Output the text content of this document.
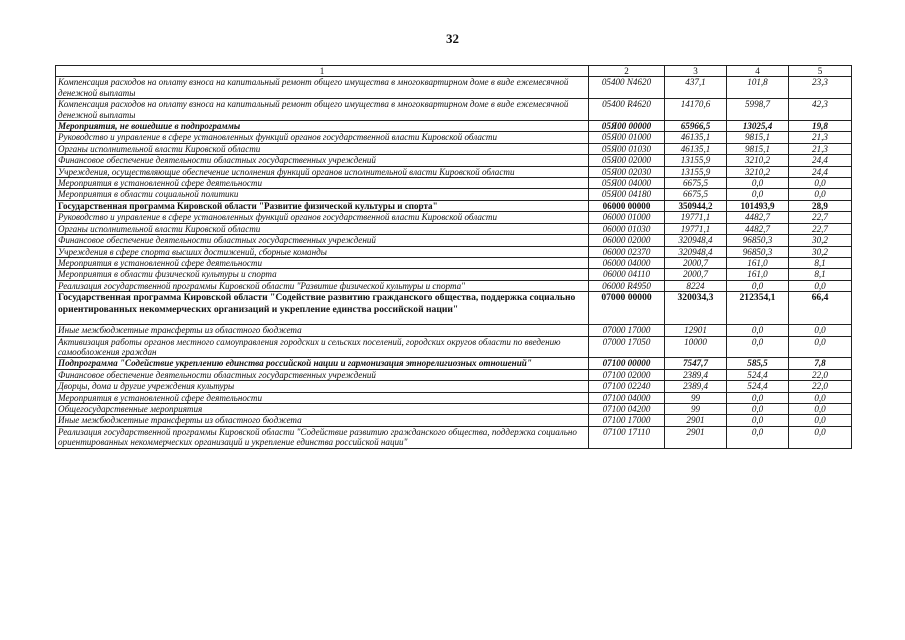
32
1	2	3	4	5
Компенсация расходов на оплату взноса на капитальный ремонт общего имущества в многоквартирном доме в виде ежемесячной денежной выплаты	05400 N4620	437,1	101,8	23,3
Компенсация расходов на оплату взноса на капитальный ремонт общего имущества в многоквартирном доме в виде ежемесячной денежной выплаты	05400 R4620	14170,6	5998,7	42,3
Мероприятия, не вошедшие в подпрограммы	05Я00 00000	65966,5	13025,4	19,8
Руководство и управление в сфере установленных функций органов государственной власти Кировской области	05Я00 01000	46135,1	9815,1	21,3
Органы исполнительной власти Кировской области	05Я00 01030	46135,1	9815,1	21,3
Финансовое обеспечение деятельности областных государственных учреждений	05Я00 02000	13155,9	3210,2	24,4
Учреждения, осуществляющие обеспечение исполнения функций органов исполнительной власти Кировской области	05Я00 02030	13155,9	3210,2	24,4
Мероприятия в установленной сфере деятельности	05Я00 04000	6675,5	0,0	0,0
Мероприятия в области социальной политики	05Я00 04180	6675,5	0,0	0,0
Государственная программа Кировской области "Развитие физической культуры и спорта"	06000 00000	350944,2	101493,9	28,9
Руководство и управление в сфере установленных функций органов государственной власти Кировской области	06000 01000	19771,1	4482,7	22,7
Органы исполнительной власти Кировской области	06000 01030	19771,1	4482,7	22,7
Финансовое обеспечение деятельности областных государственных учреждений	06000 02000	320948,4	96850,3	30,2
Учреждения в сфере спорта высших достижений, сборные команды	06000 02370	320948,4	96850,3	30,2
Мероприятия в установленной сфере деятельности	06000 04000	2000,7	161,0	8,1
Мероприятия в области физической культуры и спорта	06000 04110	2000,7	161,0	8,1
Реализация государственной программы Кировской области "Развитие физической культуры и спорта"	06000 R4950	8224	0,0	0,0
Государственная программа Кировской области "Содействие развитию гражданского общества, поддержка социально ориентированных некоммерческих организаций и укрепление единства российской нации"	07000 00000	320034,3	212354,1	66,4
Иные межбюджетные трансферты из областного бюджета	07000 17000	12901	0,0	0,0
Активизация работы органов местного самоуправления городских и сельских поселений, городских округов области по введению самообложения граждан	07000 17050	10000	0,0	0,0
Подпрограмма "Содействие укреплению единства российской нации и гармонизация этнорелигиозных отношений"	07100 00000	7547,7	585,5	7,8
Финансовое обеспечение деятельности областных государственных учреждений	07100 02000	2389,4	524,4	22,0
Дворцы, дома и другие учреждения культуры	07100 02240	2389,4	524,4	22,0
Мероприятия в установленной сфере деятельности	07100 04000	99	0,0	0,0
Общегосударственные мероприятия	07100 04200	99	0,0	0,0
Иные межбюджетные трансферты из областного бюджета	07100 17000	2901	0,0	0,0
Реализация государственной программы Кировской области "Содействие развитию гражданского общества, поддержка социально ориентированных некоммерческих организаций и укрепление единства российской нации"	07100 17110	2901	0,0	0,0
